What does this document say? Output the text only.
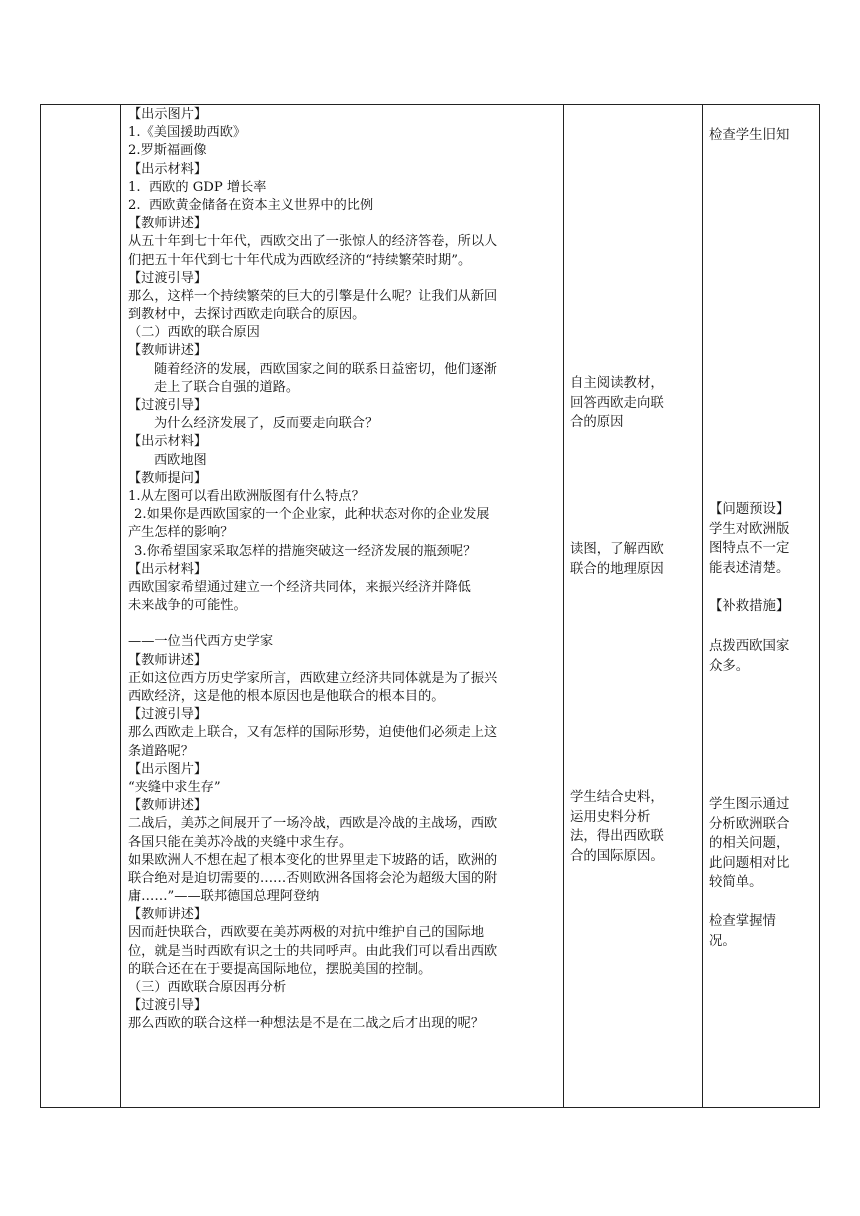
【出示图片】
1.《美国援助西欧》
2.罗斯福画像
【出示材料】
1.  西欧的 GDP 增长率
2.  西欧黄金储备在资本主义世界中的比例
【教师讲述】
从五十年到七十年代，西欧交出了一张惊人的经济答卷，所以人
们把五十年代到七十年代成为西欧经济的“持续繁荣时期”。
【过渡引导】
那么，这样一个持续繁荣的巨大的引擎是什么呢？让我们从新回
到教材中，去探讨西欧走向联合的原因。
（二）西欧的联合原因
【教师讲述】
随着经济的发展，西欧国家之间的联系日益密切，他们逐渐
走上了联合自强的道路。
【过渡引导】
为什么经济发展了，反而要走向联合？
【出示材料】
西欧地图
【教师提问】
1.从左图可以看出欧洲版图有什么特点？
2.如果你是西欧国家的一个企业家，此种状态对你的企业发展
产生怎样的影响？
3.你希望国家采取怎样的措施突破这一经济发展的瓶颈呢？
【出示材料】
西欧国家希望通过建立一个经济共同体，来振兴经济并降低
未来战争的可能性。
——一位当代西方史学家
【教师讲述】
正如这位西方历史学家所言，西欧建立经济共同体就是为了振兴
西欧经济，这是他的根本原因也是他联合的根本目的。
【过渡引导】
那么西欧走上联合，又有怎样的国际形势，迫使他们必须走上这
条道路呢？
【出示图片】
“夹缝中求生存”
【教师讲述】
二战后，美苏之间展开了一场冷战，西欧是冷战的主战场，西欧
各国只能在美苏冷战的夹缝中求生存。
如果欧洲人不想在起了根本变化的世界里走下坡路的话，欧洲的
联合绝对是迫切需要的……否则欧洲各国将会沦为超级大国的附
庸……”——联邦德国总理阿登纳
【教师讲述】
因而赶快联合，西欧要在美苏两极的对抗中维护自己的国际地
位，就是当时西欧有识之士的共同呼声。由此我们可以看出西欧
的联合还在在于要提高国际地位，摆脱美国的控制。
（三）西欧联合原因再分析
【过渡引导】
那么西欧的联合这样一种想法是不是在二战之后才出现的呢？
自主阅读教材，
回答西欧走向联
合的原因
读图，了解西欧
联合的地理原因
学生结合史料，
运用史料分析
法，得出西欧联
合的国际原因。
检查学生旧知
【问题预设】
学生对欧洲版
图特点不一定
能表述清楚。
【补救措施】
点拨西欧国家
众多。
学生图示通过
分析欧洲联合
的相关问题，
此问题相对比
较简单。
检查掌握情
况。
